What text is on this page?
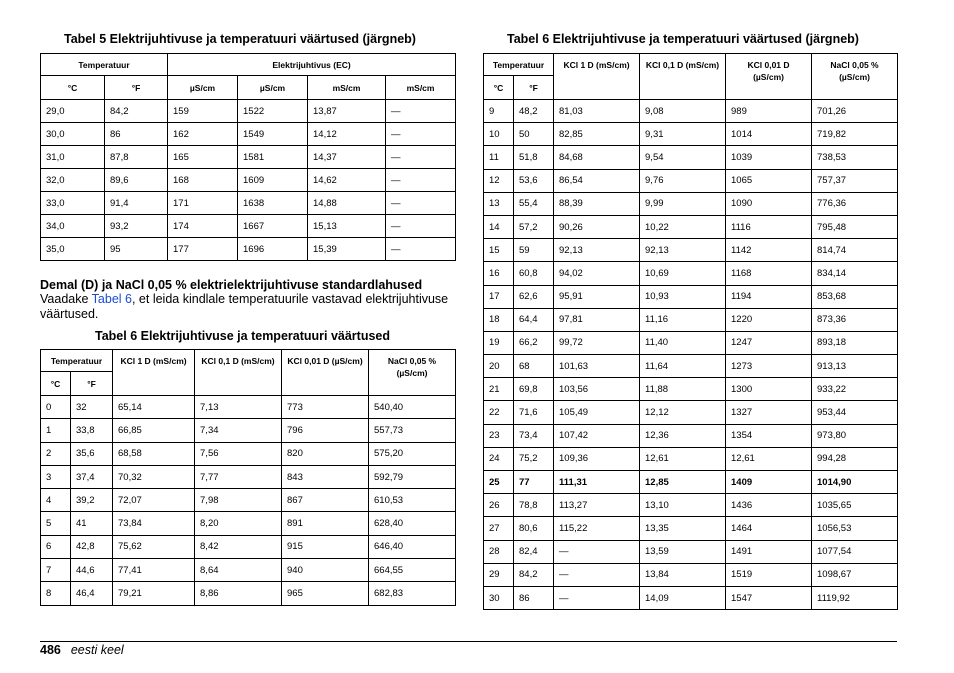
Tabel 5 Elektrijuhtivuse ja temperatuuri väärtused (järgneb)	Tabel 6 Elektrijuhtivuse ja temperatuuri väärtused (järgneb)
Temperatuur		Elektrijuhtivus (EC)			
°C	°F	µS/cm	µS/cm	mS/cm	mS/cm
29,0	84,2	159	1522	13,87	—
30,0	86	162	1549	14,12	—
31,0	87,8	165	1581	14,37	—
32,0	89,6	168	1609	14,62	—
33,0	91,4	171	1638	14,88	—
34,0	93,2	174	1667	15,13	—
35,0	95	177	1696	15,39	—
Demal (D) ja NaCl 0,05 % elektrielektrijuhtivuse standardlahused
Vaadake Tabel 6, et leida kindlale temperatuurile vastavad elektrijuhtivuse väärtused.
Tabel 6 Elektrijuhtivuse ja temperatuuri väärtused
Temperatuur		KCl 1 D (mS/cm)	KCl 0,1 D (mS/cm)	KCl 0,01 D (µS/cm)	NaCl 0,05 % (µS/cm)
°C	°F				
0	32	65,14	7,13	773	540,40
1	33,8	66,85	7,34	796	557,73
2	35,6	68,58	7,56	820	575,20
3	37,4	70,32	7,77	843	592,79
4	39,2	72,07	7,98	867	610,53
5	41	73,84	8,20	891	628,40
6	42,8	75,62	8,42	915	646,40
7	44,6	77,41	8,64	940	664,55
8	46,4	79,21	8,86	965	682,83
Temperatuur		KCl 1 D (mS/cm)	KCl 0,1 D (mS/cm)	KCl 0,01 D (µS/cm)	NaCl 0,05 % (µS/cm)
°C	°F				
9	48,2	81,03	9,08	989	701,26
10	50	82,85	9,31	1014	719,82
11	51,8	84,68	9,54	1039	738,53
12	53,6	86,54	9,76	1065	757,37
13	55,4	88,39	9,99	1090	776,36
14	57,2	90,26	10,22	1116	795,48
15	59	92,13	92,13	1142	814,74
16	60,8	94,02	10,69	1168	834,14
17	62,6	95,91	10,93	1194	853,68
18	64,4	97,81	11,16	1220	873,36
19	66,2	99,72	11,40	1247	893,18
20	68	101,63	11,64	1273	913,13
21	69,8	103,56	11,88	1300	933,22
22	71,6	105,49	12,12	1327	953,44
23	73,4	107,42	12,36	1354	973,80
24	75,2	109,36	12,61	12,61	994,28
25	77	111,31	12,85	1409	1014,90
26	78,8	113,27	13,10	1436	1035,65
27	80,6	115,22	13,35	1464	1056,53
28	82,4	—	13,59	1491	1077,54
29	84,2	—	13,84	1519	1098,67
30	86	—	14,09	1547	1119,92
486 eesti keel
